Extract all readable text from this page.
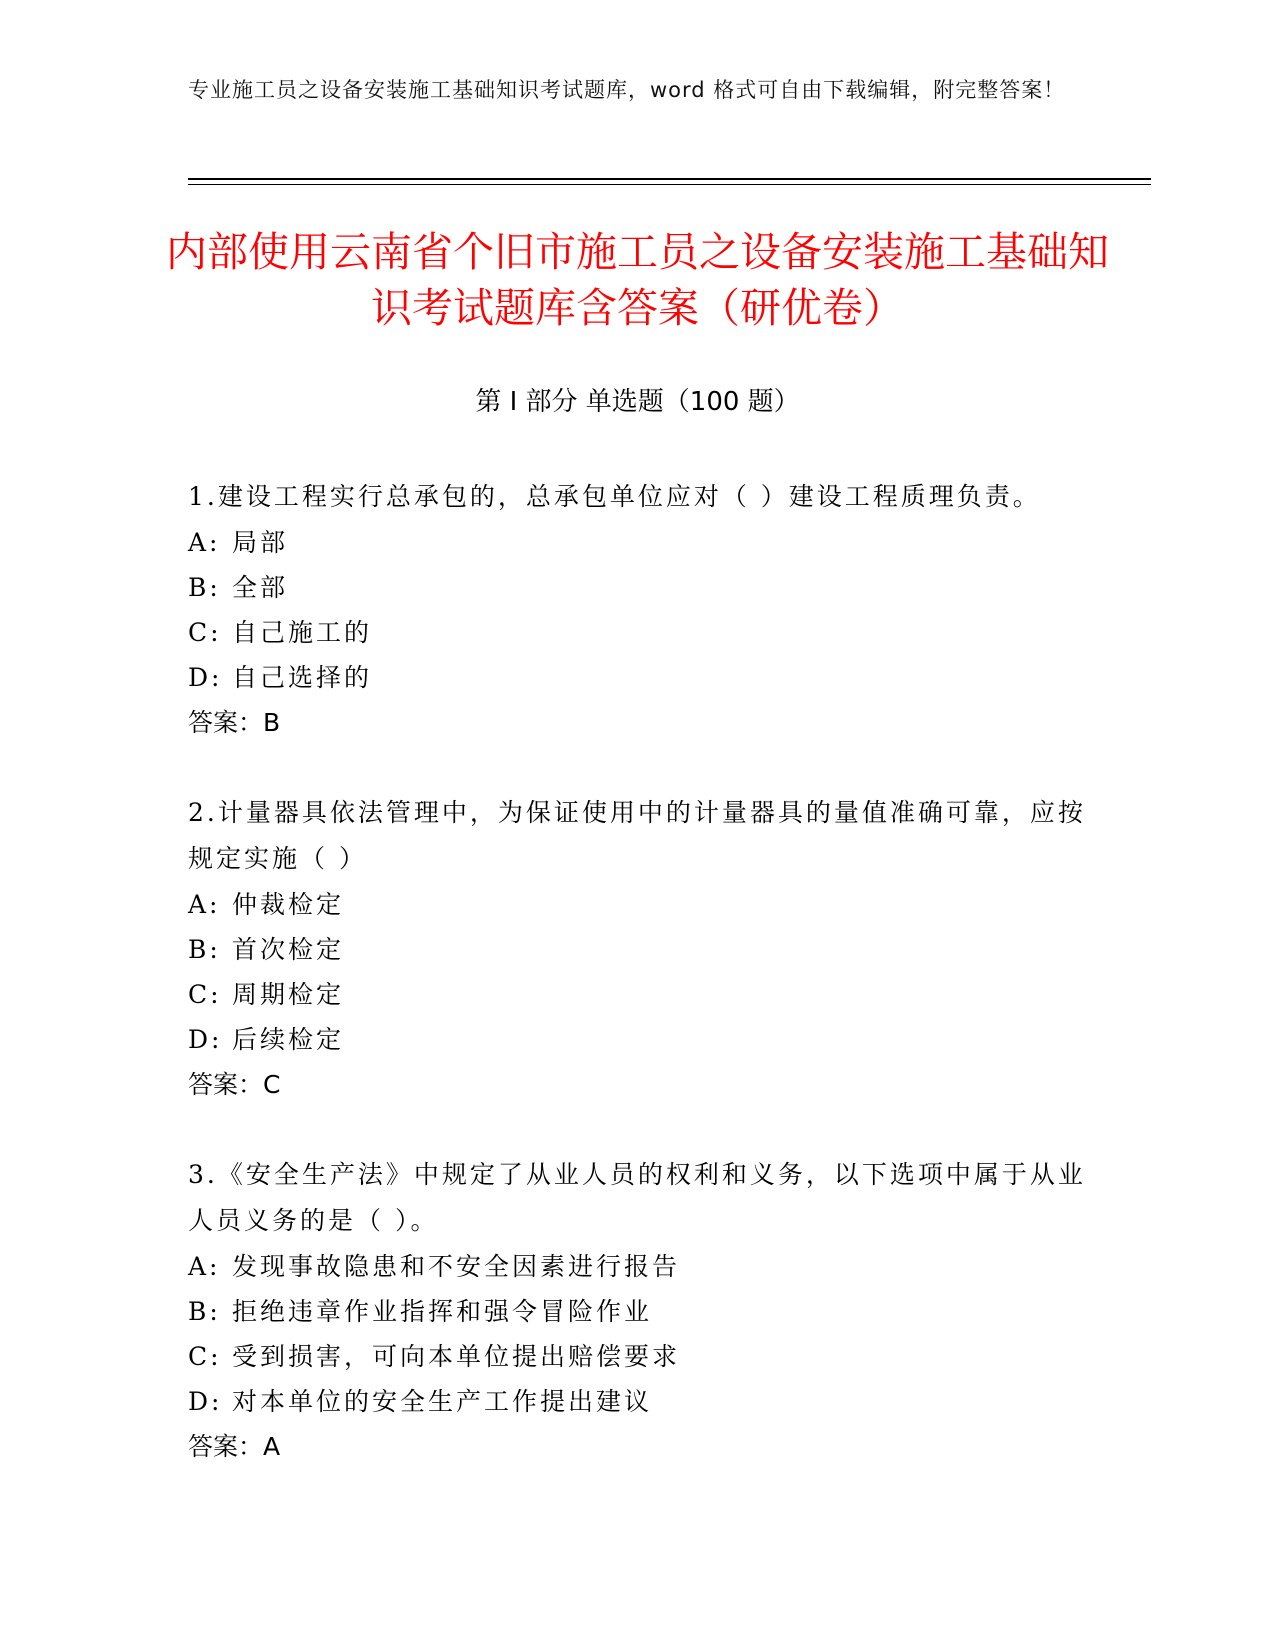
专业施工员之设备安装施工基础知识考试题库，word 格式可自由下载编辑，附完整答案！
内部使用云南省个旧市施工员之设备安装施工基础知识考试题库含答案（研优卷）
第 I 部分 单选题（100 题）

1.建设工程实行总承包的，总承包单位应对（ ）建设工程质理负责。

A: 局部

B: 全部

C: 自己施工的

D: 自己选择的

答案：B

2.计量器具依法管理中，为保证使用中的计量器具的量值准确可靠，应按规定实施（ ）

A: 仲裁检定

B: 首次检定

C: 周期检定

D: 后续检定

答案：C

3.《安全生产法》中规定了从业人员的权利和义务，以下选项中属于从业人员义务的是（ ）。

A: 发现事故隐患和不安全因素进行报告

B: 拒绝违章作业指挥和强令冒险作业

C: 受到损害，可向本单位提出赔偿要求

D: 对本单位的安全生产工作提出建议

答案：A
